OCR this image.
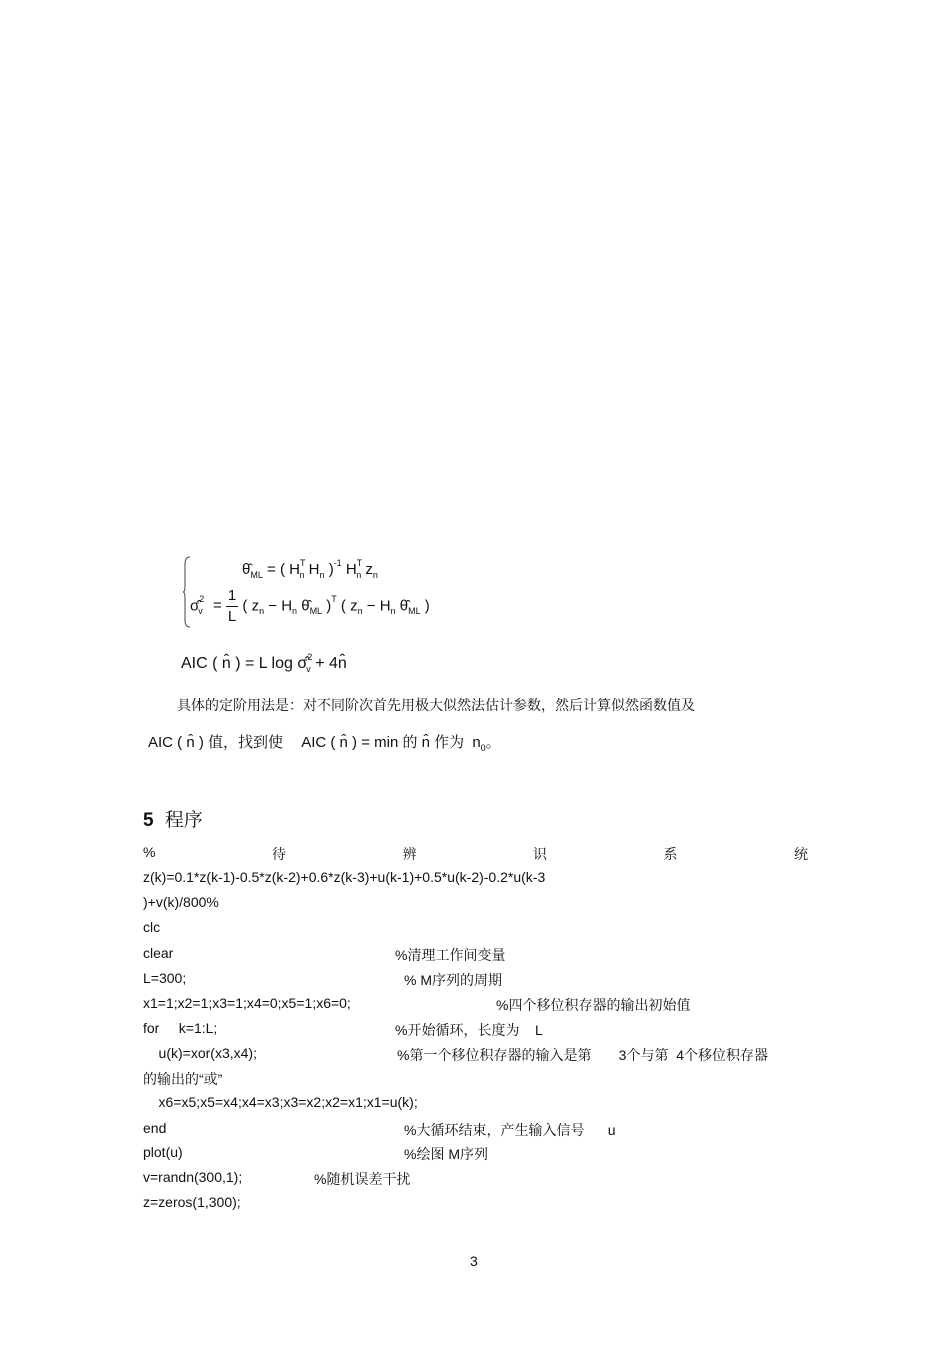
$\thetâ_{ML}$ = ( $H^T_n$ $H_n$ )$^{-1}$ $H^T_n$ $z_n$
σ̂$^2_v$ = $\frac{1}{L}$ ( $z_n - H_n$ $\thetâ_{ML}$ )$^T$ ( $z_n - H_n$ $\thetâ_{ML}$ )
AIC ( n̂ ) = L log σ̂$^2_v$ + 4n̂
具体的定阶用法是：对不同阶次首先用极大似然法估计参数，然后计算似然函数值及
AIC ( n̂ ) 值，找到使 AIC ( n̂ ) = min 的 n̂ 作为 $n_0$。
5 程序
%	待	辨	识	系	统
z(k)=0.1*z(k-1)-0.5*z(k-2)+0.6*z(k-3)+u(k-1)+0.5*u(k-2)-0.2*u(k-3
)+v(k)/800%
clc
clear	%清理工作间变量
L=300;	% M序列的周期
x1=1;x2=1;x3=1;x4=0;x5=1;x6=0;	%四个移位积存器的输出初始值
for     k=1:L;	%开始循环，长度为    L
u(k)=xor(x3,x4);	%第一个移位积存器的输入是第       3个与第  4个移位积存器
的输出的“或”
x6=x5;x5=x4;x4=x3;x3=x2;x2=x1;x1=u(k);
end	%大循环结束，产生输入信号      u
plot(u)	%绘图 M序列
v=randn(300,1);	%随机误差干扰
z=zeros(1,300);
3
